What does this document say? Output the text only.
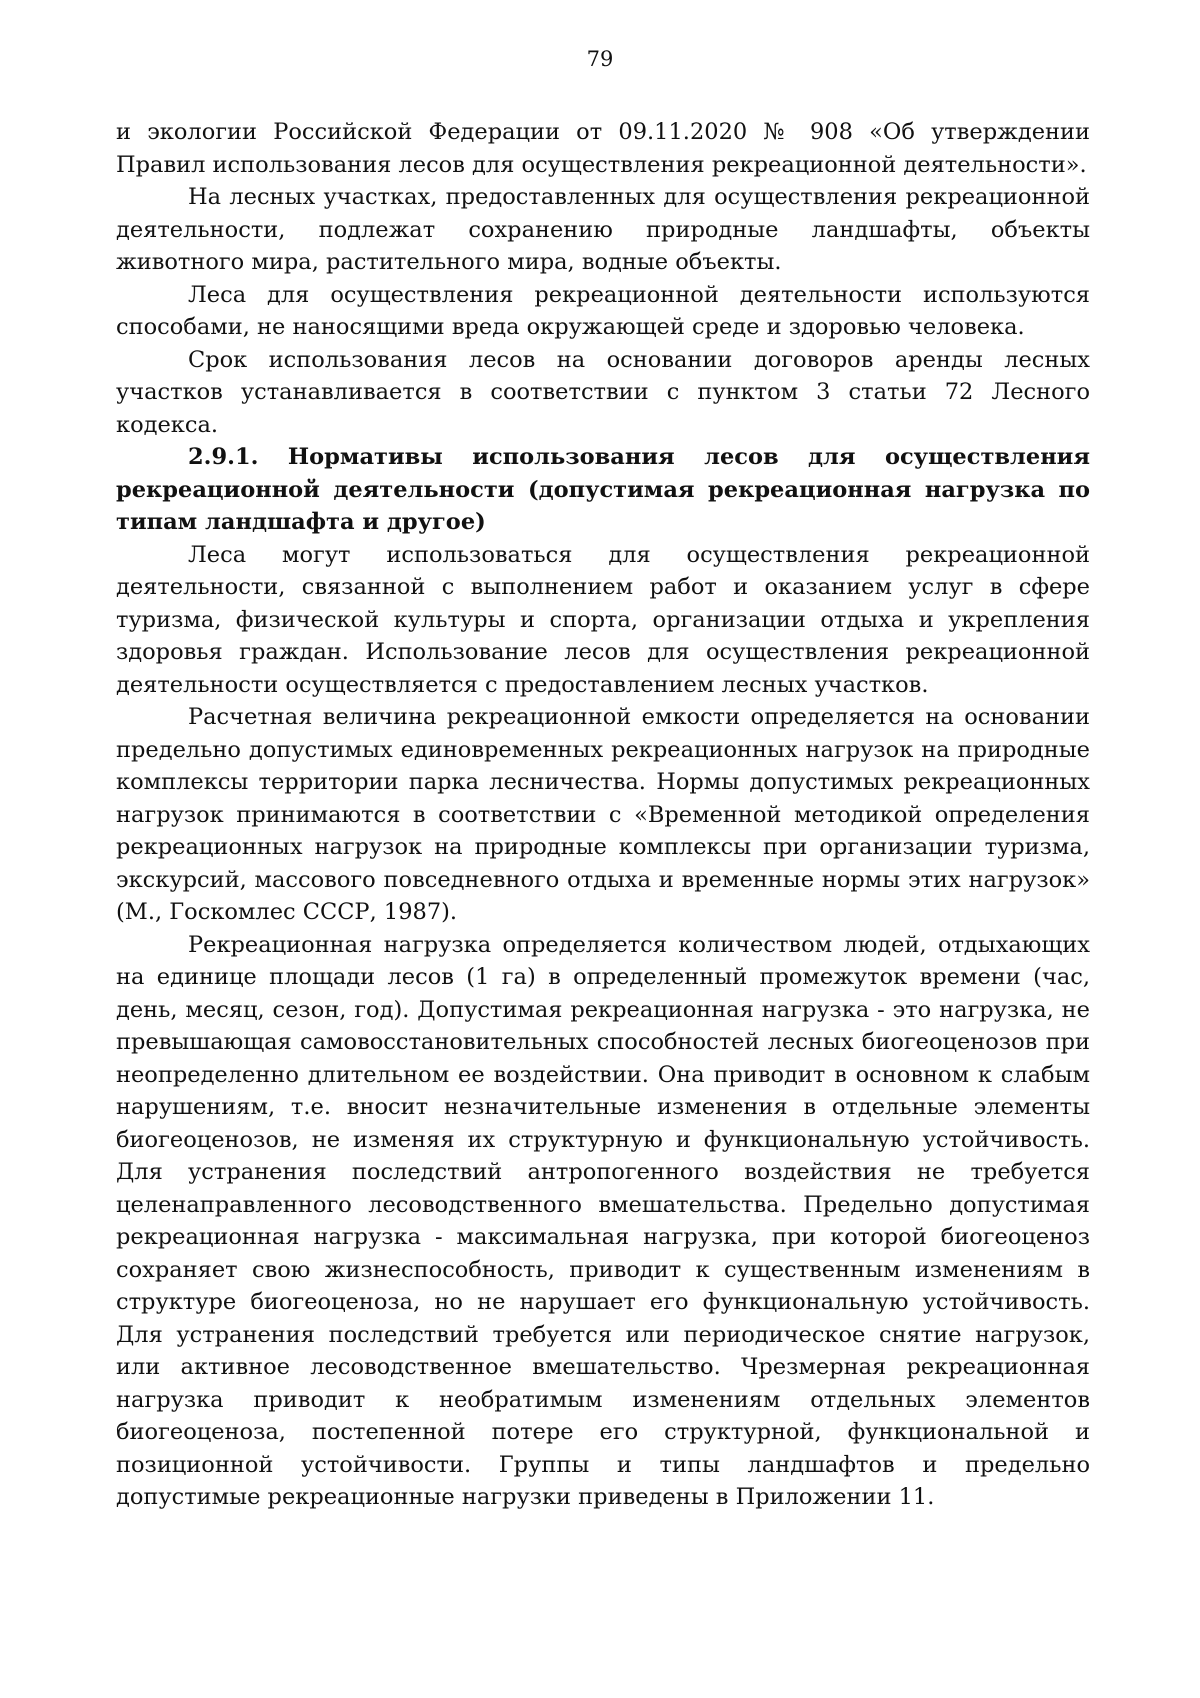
79

и экологии Российской Федерации от 09.11.2020 № 908 «Об утверждении Правил использования лесов для осуществления рекреационной деятельности».

На лесных участках, предоставленных для осуществления рекреационной деятельности, подлежат сохранению природные ландшафты, объекты животного мира, растительного мира, водные объекты.

Леса для осуществления рекреационной деятельности используются способами, не наносящими вреда окружающей среде и здоровью человека.

Срок использования лесов на основании договоров аренды лесных участков устанавливается в соответствии с пунктом 3 статьи 72 Лесного кодекса.

2.9.1. Нормативы использования лесов для осуществления рекреационной деятельности (допустимая рекреационная нагрузка по типам ландшафта и другое)

Леса могут использоваться для осуществления рекреационной деятельности, связанной с выполнением работ и оказанием услуг в сфере туризма, физической культуры и спорта, организации отдыха и укрепления здоровья граждан. Использование лесов для осуществления рекреационной деятельности осуществляется с предоставлением лесных участков.

Расчетная величина рекреационной емкости определяется на основании предельно допустимых единовременных рекреационных нагрузок на природные комплексы территории парка лесничества. Нормы допустимых рекреационных нагрузок принимаются в соответствии с «Временной методикой определения рекреационных нагрузок на природные комплексы при организации туризма, экскурсий, массового повседневного отдыха и временные нормы этих нагрузок» (М., Госкомлес СССР, 1987).

Рекреационная нагрузка определяется количеством людей, отдыхающих на единице площади лесов (1 га) в определенный промежуток времени (час, день, месяц, сезон, год). Допустимая рекреационная нагрузка - это нагрузка, не превышающая самовосстановительных способностей лесных биогеоценозов при неопределенно длительном ее воздействии. Она приводит в основном к слабым нарушениям, т.е. вносит незначительные изменения в отдельные элементы биогеоценозов, не изменяя их структурную и функциональную устойчивость. Для устранения последствий антропогенного воздействия не требуется целенаправленного лесоводственного вмешательства. Предельно допустимая рекреационная нагрузка - максимальная нагрузка, при которой биогеоценоз сохраняет свою жизнеспособность, приводит к существенным изменениям в структуре биогеоценоза, но не нарушает его функциональную устойчивость. Для устранения последствий требуется или периодическое снятие нагрузок, или активное лесоводственное вмешательство. Чрезмерная рекреационная нагрузка приводит к необратимым изменениям отдельных элементов биогеоценоза, постепенной потере его структурной, функциональной и позиционной устойчивости. Группы и типы ландшафтов и предельно допустимые рекреационные нагрузки приведены в Приложении 11.
